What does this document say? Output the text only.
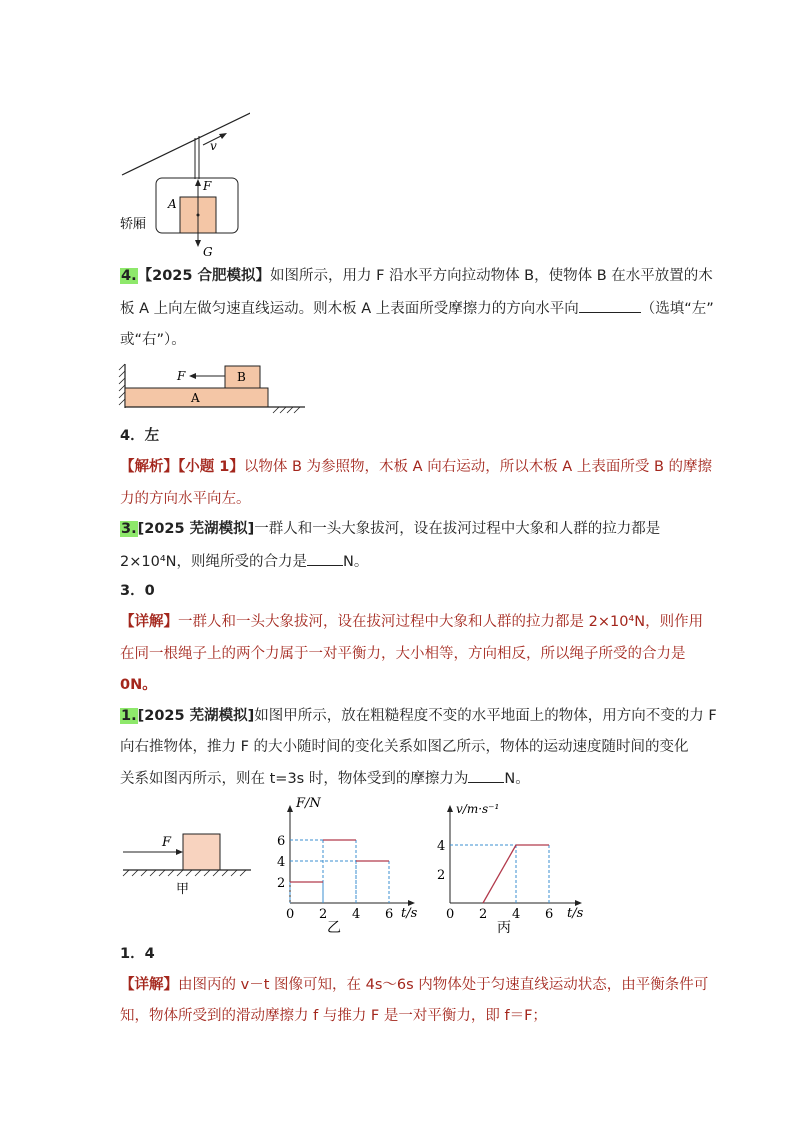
v
F
A
G
轿厢
4.【2025 合肥模拟】如图所示，用力 F 沿水平方向拉动物体 B，使物体 B 在水平放置的木
板 A 上向左做匀速直线运动。则木板 A 上表面所受摩擦力的方向水平向	（选填“左”
或“右”）。
A
B
F
4．左
【解析】【小题 1】以物体 B 为参照物，木板 A 向右运动，所以木板 A 上表面所受 B 的摩擦
力的方向水平向左。
3.[2025 芜湖模拟]一群人和一头大象拔河，设在拔河过程中大象和人群的拉力都是
2×10⁴N，则绳所受的合力是 N。
3．0
【详解】一群人和一头大象拔河，设在拔河过程中大象和人群的拉力都是 2×10⁴N，则作用
在同一根绳子上的两个力属于一对平衡力，大小相等，方向相反，所以绳子所受的合力是
0N。
1.[2025 芜湖模拟]如图甲所示，放在粗糙程度不变的水平地面上的物体，用方向不变的力 F
向右推物体，推力 F 的大小随时间的变化关系如图乙所示，物体的运动速度随时间的变化
关系如图丙所示，则在 t=3s 时，物体受到的摩擦力为 N。
F
甲
0 2 4 6
2
4
6
F/N
t/s
乙
0 2 4 6
2
4
v/m·s⁻¹
t/s
丙
1．4
【详解】由图丙的 v－t 图像可知，在 4s～6s 内物体处于匀速直线运动状态，由平衡条件可
知，物体所受到的滑动摩擦力 f 与推力 F 是一对平衡力，即 f＝F；
